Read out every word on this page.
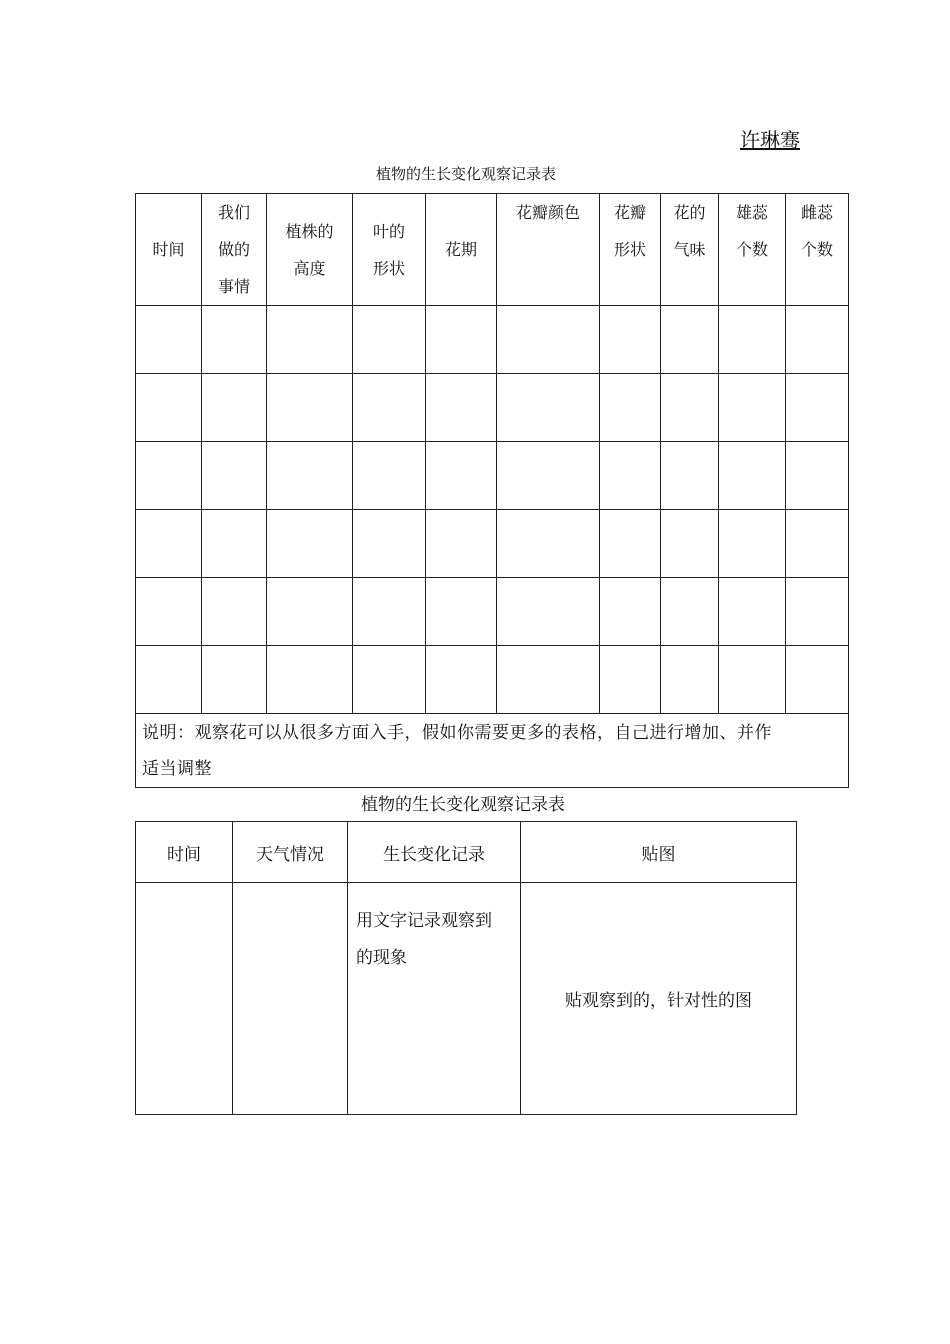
许琳骞
植物的生长变化观察记录表
时间	我们
做的
事情	植株的
高度	叶的
形状	花期	花瓣颜色	花瓣
形状	花的
气味	雄蕊
个数	雌蕊
个数

说明：观察花可以从很多方面入手，假如你需要更多的表格，自己进行增加、并作
适当调整									
植物的生长变化观察记录表
时间	天气情况	生长变化记录	贴图
		用文字记录观察到
的现象	贴观察到的，针对性的图
